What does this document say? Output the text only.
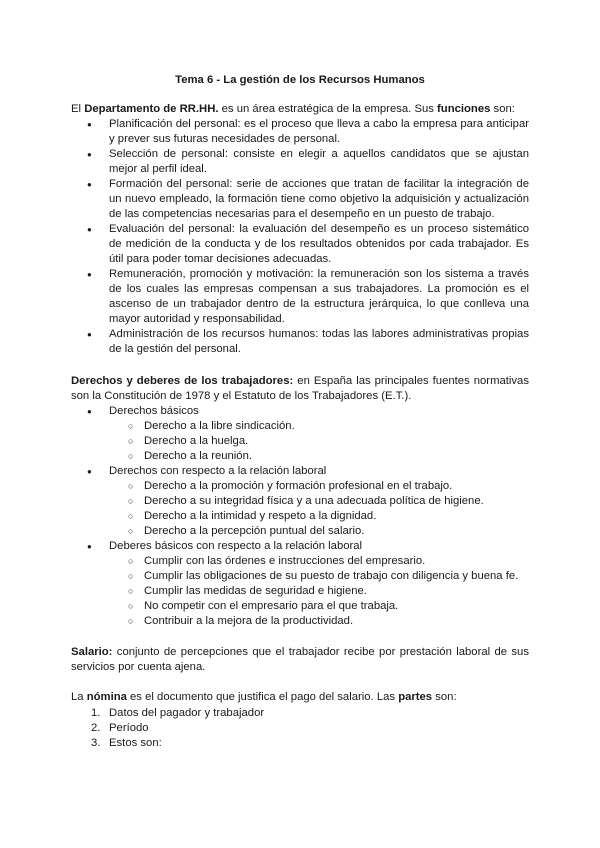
Tema 6 - La gestión de los Recursos Humanos

El Departamento de RR.HH. es un área estratégica de la empresa. Sus funciones son:

● Planificación del personal: es el proceso que lleva a cabo la empresa para anticipar y prever sus futuras necesidades de personal.
● Selección de personal: consiste en elegir a aquellos candidatos que se ajustan mejor al perfil ideal.
● Formación del personal: serie de acciones que tratan de facilitar la integración de un nuevo empleado, la formación tiene como objetivo la adquisición y actualización de las competencias necesarias para el desempeño en un puesto de trabajo.
● Evaluación del personal: la evaluación del desempeño es un proceso sistemático de medición de la conducta y de los resultados obtenidos por cada trabajador. Es útil para poder tomar decisiones adecuadas.
● Remuneración, promoción y motivación: la remuneración son los sistema a través de los cuales las empresas compensan a sus trabajadores. La promoción es el ascenso de un trabajador dentro de la estructura jerárquica, lo que conlleva una mayor autoridad y responsabilidad.
● Administración de los recursos humanos: todas las labores administrativas propias de la gestión del personal.

Derechos y deberes de los trabajadores: en España las principales fuentes normativas son la Constitución de 1978 y el Estatuto de los Trabajadores (E.T.).

● Derechos básicos
○ Derecho a la libre sindicación.
○ Derecho a la huelga.
○ Derecho a la reunión.
● Derechos con respecto a la relación laboral
○ Derecho a la promoción y formación profesional en el trabajo.
○ Derecho a su integridad física y a una adecuada política de higiene.
○ Derecho a la intimidad y respeto a la dignidad.
○ Derecho a la percepción puntual del salario.
● Deberes básicos con respecto a la relación laboral
○ Cumplir con las órdenes e instrucciones del empresario.
○ Cumplir las obligaciones de su puesto de trabajo con diligencia y buena fe.
○ Cumplir las medidas de seguridad e higiene.
○ No competir con el empresario para el que trabaja.
○ Contribuir a la mejora de la productividad.

Salario: conjunto de percepciones que el trabajador recibe por prestación laboral de sus servicios por cuenta ajena.

La nómina es el documento que justifica el pago del salario. Las partes son:

1. Datos del pagador y trabajador
2. Período
3. Estos son:
